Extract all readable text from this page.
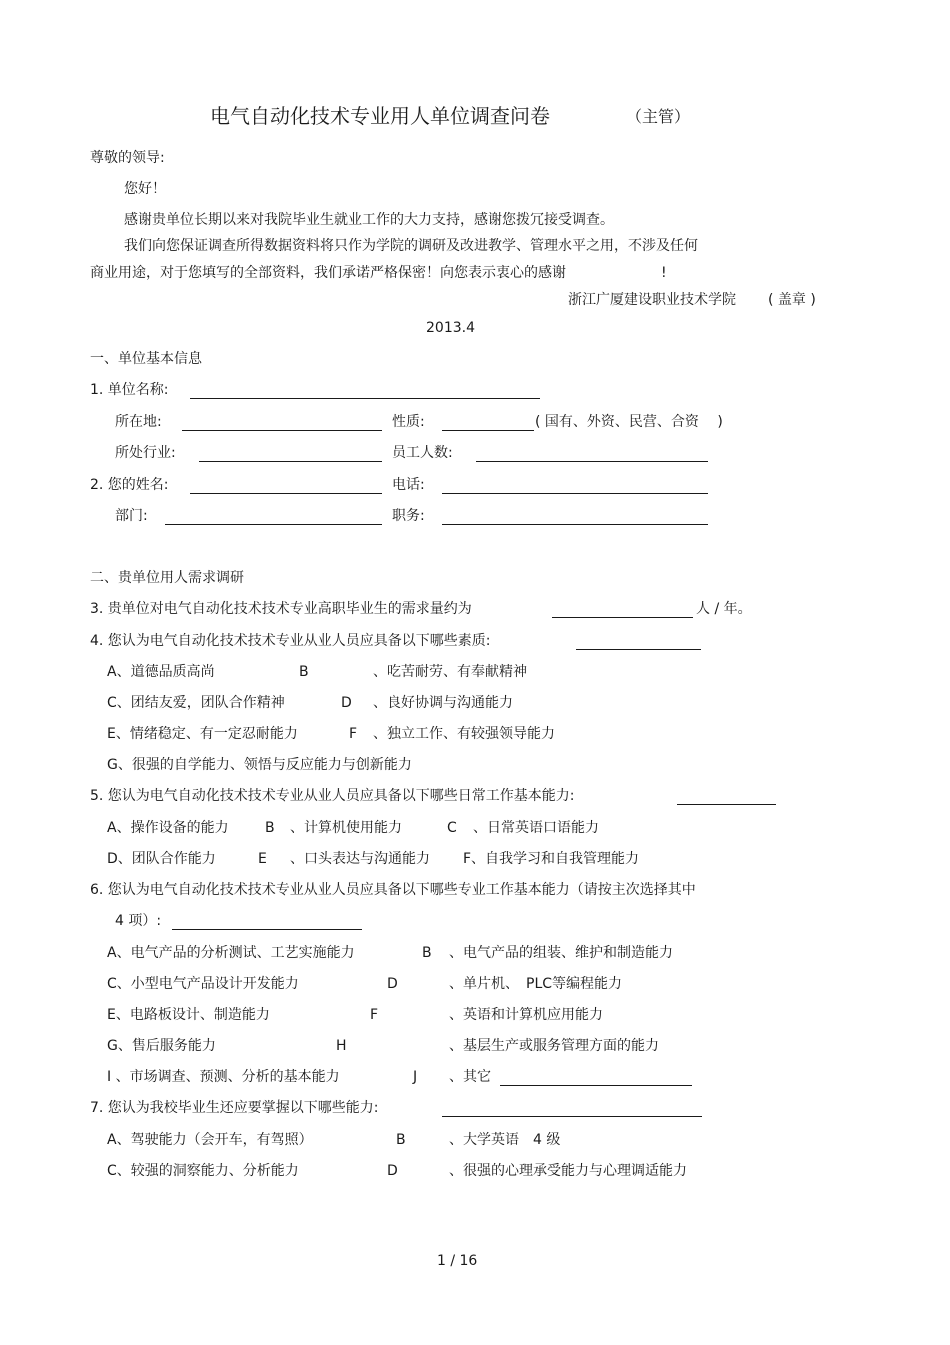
电气自动化技术专业用人单位调查问卷	（主管）
尊敬的领导:
您好！
感谢贵单位长期以来对我院毕业生就业工作的大力支持，感谢您拨冗接受调查。
我们向您保证调查所得数据资料将只作为学院的调研及改进教学、管理水平之用，不涉及任何
商业用途，对于您填写的全部资料，我们承诺严格保密！向您表示衷心的感谢	!
浙江广厦建设职业技术学院 ( 盖章 )
2013.4
一、单位基本信息
1. 单位名称:
所在地:	性质:	( 国有、外资、民营、合资　 )
所处行业:	员工人数:
2. 您的姓名:	电话:
部门:	职务:
二、贵单位用人需求调研
3. 贵单位对电气自动化技术技术专业高职毕业生的需求量约为	人 / 年。
4. 您认为电气自动化技术技术专业从业人员应具备以下哪些素质:
A、道德品质高尚	B	、吃苦耐劳、有奉献精神
C、团结友爱，团队合作精神	D 、良好协调与沟通能力
E、情绪稳定、有一定忍耐能力	F 、独立工作、有较强领导能力
G、很强的自学能力、领悟与反应能力与创新能力
5. 您认为电气自动化技术技术专业从业人员应具备以下哪些日常工作基本能力:
A、操作设备的能力	B 、计算机使用能力	C 、日常英语口语能力
D、团队合作能力	E 、口头表达与沟通能力 F、自我学习和自我管理能力
6. 您认为电气自动化技术技术专业从业人员应具备以下哪些专业工作基本能力（请按主次选择其中
4 项）:
A、电气产品的分析测试、工艺实施能力	B 、电气产品的组装、维护和制造能力
C、小型电气产品设计开发能力	D	、单片机、　PLC等编程能力
E、电路板设计、制造能力	F	、英语和计算机应用能力
G、售后服务能力	H	、基层生产或服务管理方面的能力
I 、市场调查、预测、分析的基本能力	J 、其它
7. 您认为我校毕业生还应要掌握以下哪些能力:
A、驾驶能力（会开车，有驾照）	B	、大学英语　4 级
C、较强的洞察能力、分析能力	D	、很强的心理承受能力与心理调适能力
1 / 16
